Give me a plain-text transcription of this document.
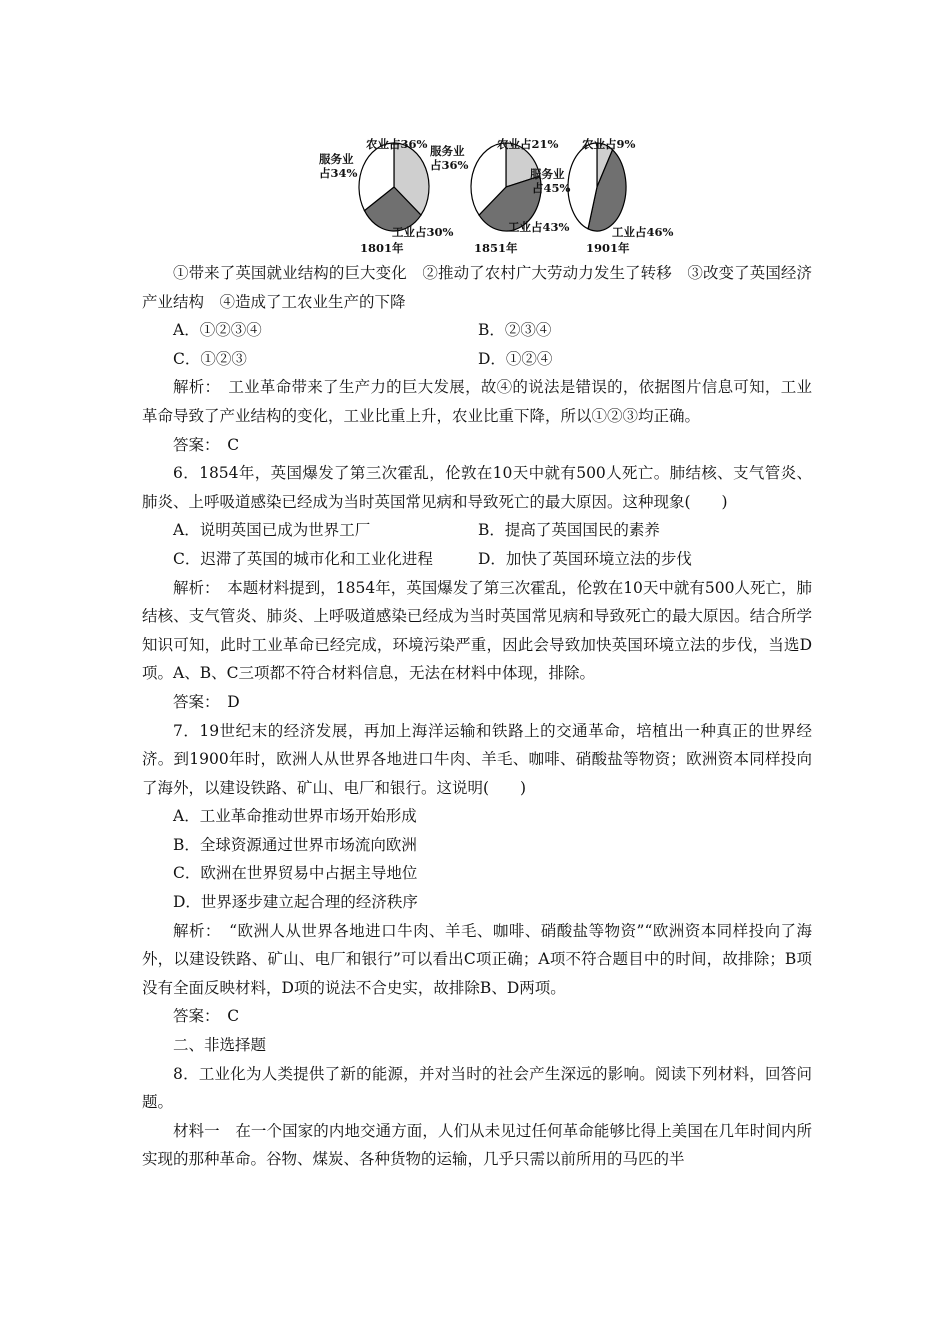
农业占36%
服务业
占34%
工业占30%
1801年
服务业
占36%
农业占21%
工业占43%
1851年
农业占9%
服务业
占45%
工业占46%
1901年

①带来了英国就业结构的巨大变化　②推动了农村广大劳动力发生了转移　③改变了英国经济产业结构　④造成了工农业生产的下降

A．①②③④	B．②③④
C．①②③	D．①②④

解析：　工业革命带来了生产力的巨大发展，故④的说法是错误的，依据图片信息可知，工业革命导致了产业结构的变化，工业比重上升，农业比重下降，所以①②③均正确。

答案：　C

6．1854年，英国爆发了第三次霍乱，伦敦在10天中就有500人死亡。肺结核、支气管炎、肺炎、上呼吸道感染已经成为当时英国常见病和导致死亡的最大原因。这种现象(　　)

A．说明英国已成为世界工厂	B．提高了英国国民的素养
C．迟滞了英国的城市化和工业化进程	D．加快了英国环境立法的步伐

解析：　本题材料提到，1854年，英国爆发了第三次霍乱，伦敦在10天中就有500人死亡，肺结核、支气管炎、肺炎、上呼吸道感染已经成为当时英国常见病和导致死亡的最大原因。结合所学知识可知，此时工业革命已经完成，环境污染严重，因此会导致加快英国环境立法的步伐，当选D项。A、B、C三项都不符合材料信息，无法在材料中体现，排除。

答案：　D

7．19世纪末的经济发展，再加上海洋运输和铁路上的交通革命，培植出一种真正的世界经济。到1900年时，欧洲人从世界各地进口牛肉、羊毛、咖啡、硝酸盐等物资；欧洲资本同样投向了海外，以建设铁路、矿山、电厂和银行。这说明(　　)

A．工业革命推动世界市场开始形成

B．全球资源通过世界市场流向欧洲

C．欧洲在世界贸易中占据主导地位

D．世界逐步建立起合理的经济秩序

解析：　“欧洲人从世界各地进口牛肉、羊毛、咖啡、硝酸盐等物资”“欧洲资本同样投向了海外，以建设铁路、矿山、电厂和银行”可以看出C项正确；A项不符合题目中的时间，故排除；B项没有全面反映材料，D项的说法不合史实，故排除B、D两项。

答案：　C

二、非选择题

8．工业化为人类提供了新的能源，并对当时的社会产生深远的影响。阅读下列材料，回答问题。

材料一　在一个国家的内地交通方面，人们从未见过任何革命能够比得上美国在几年时间内所实现的那种革命。谷物、煤炭、各种货物的运输，几乎只需以前所用的马匹的半
